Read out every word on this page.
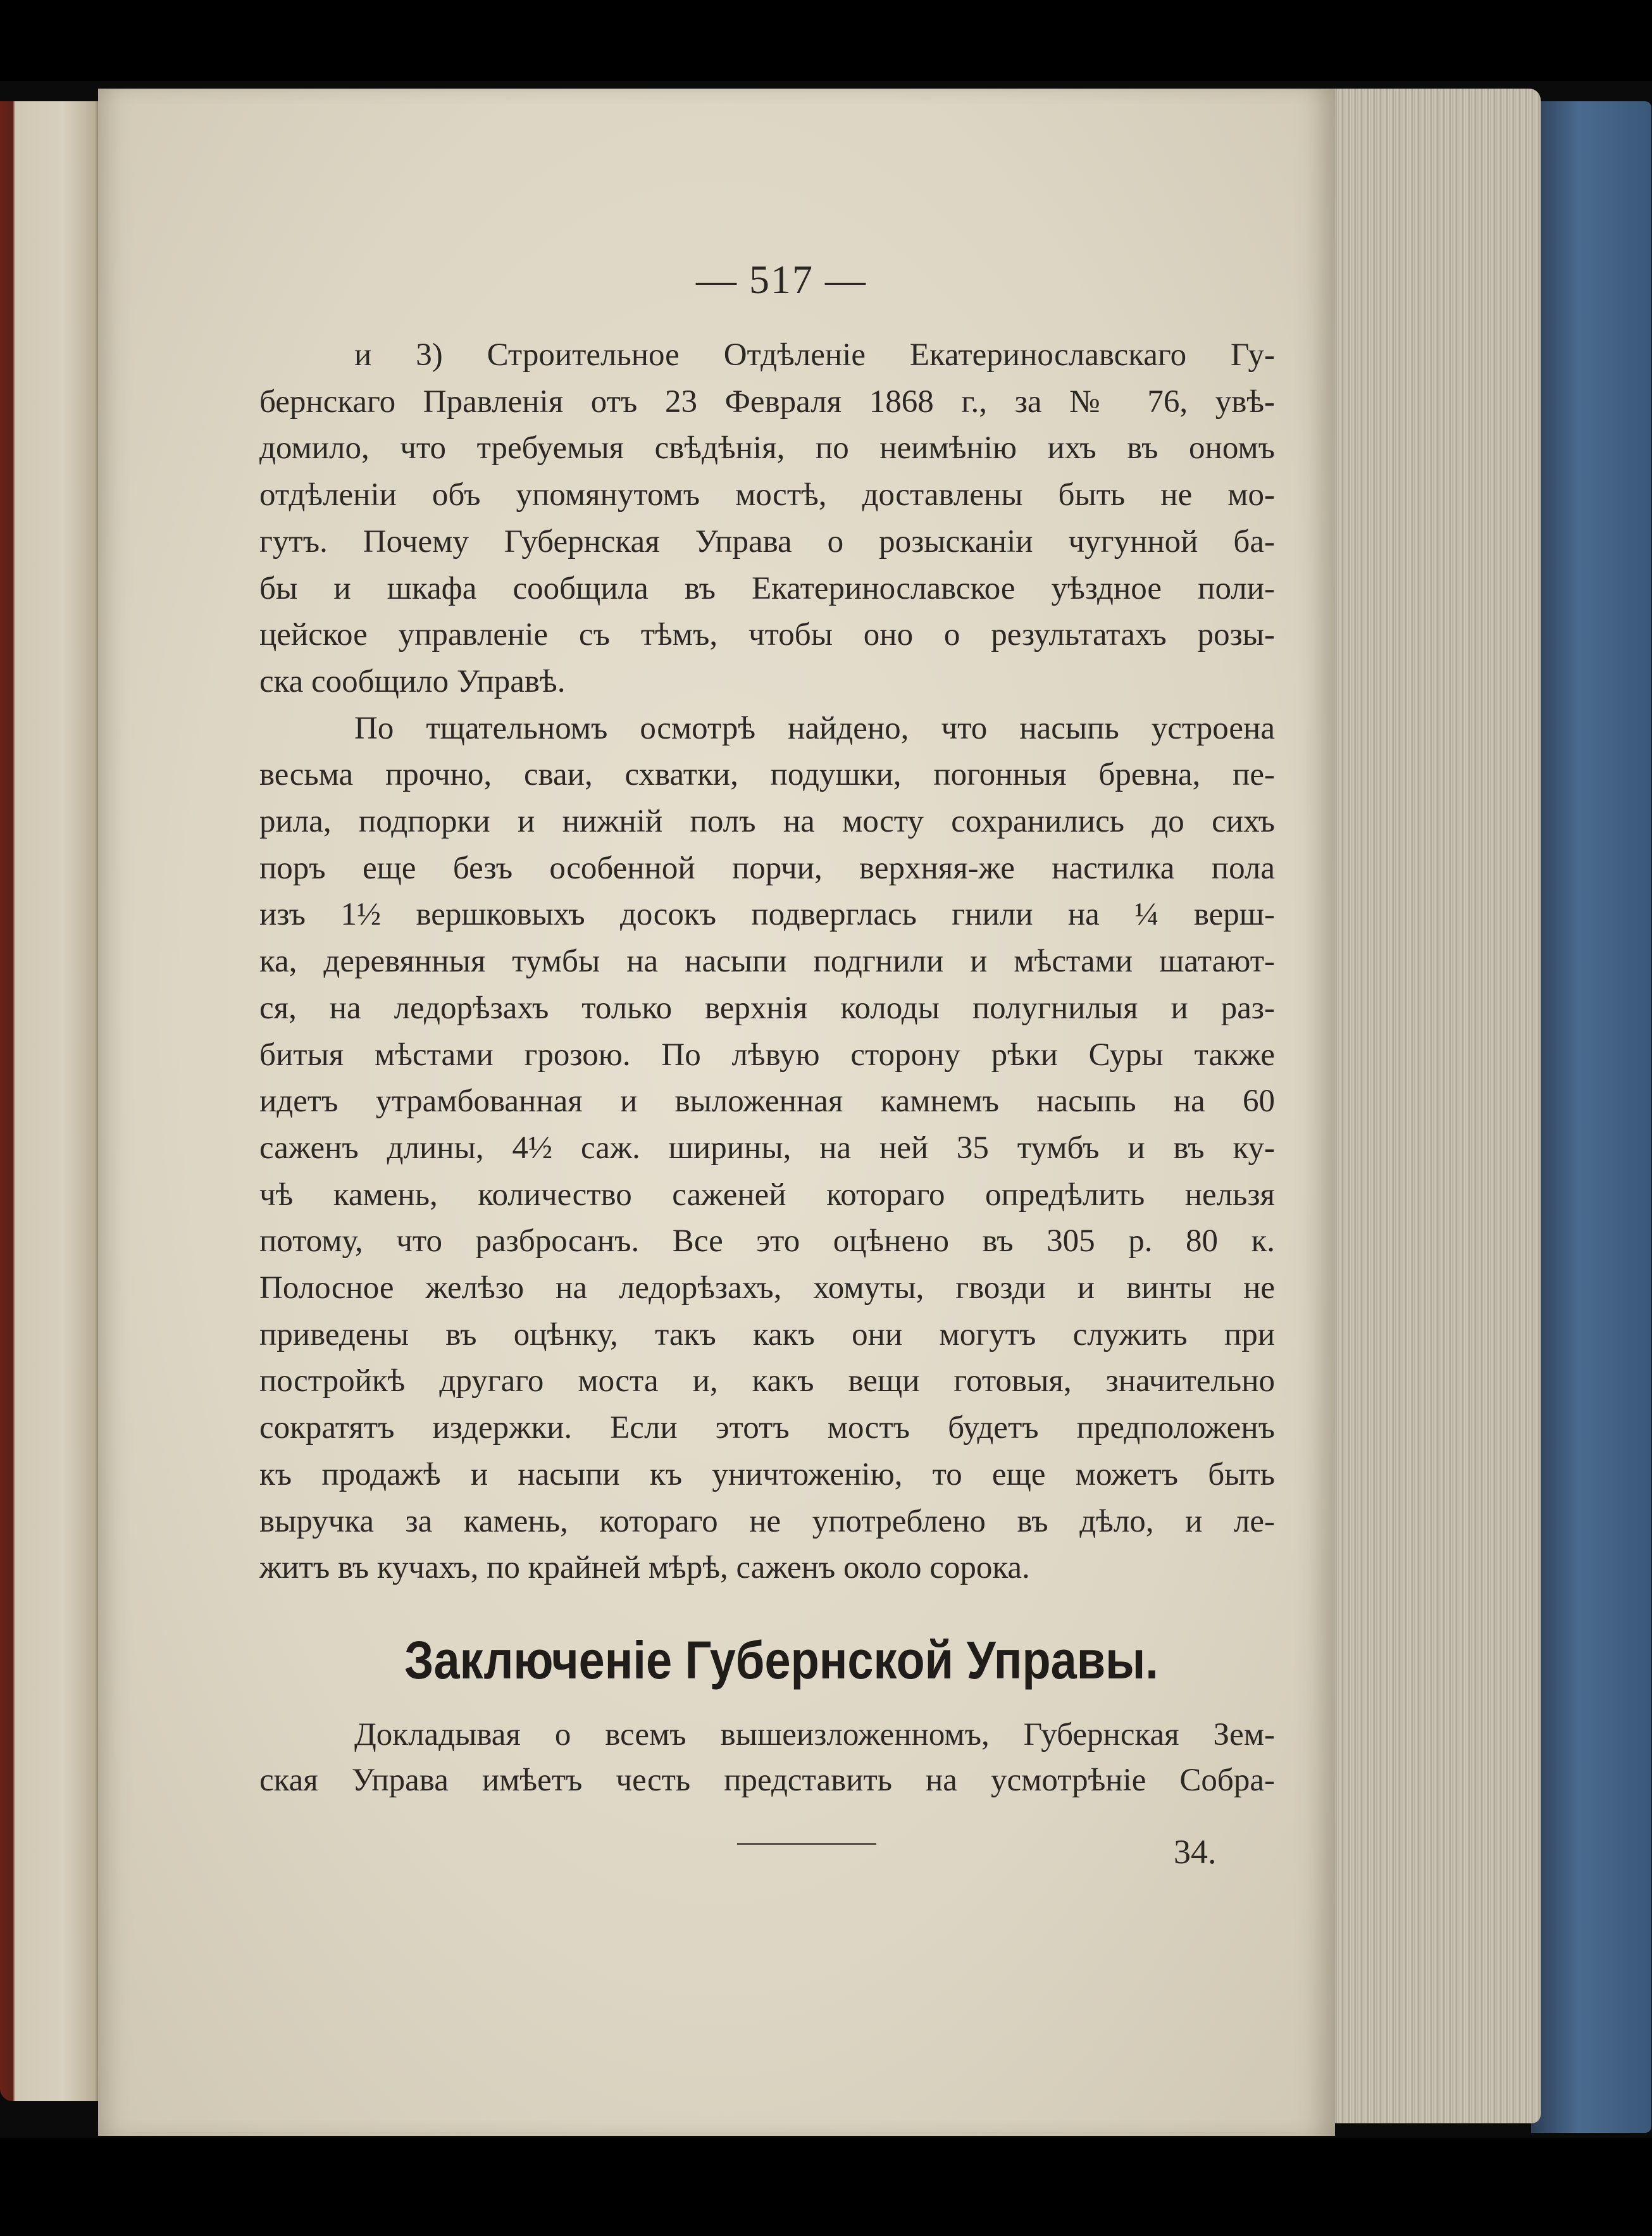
— 517 —
и 3) Строительное Отдѣленіе Екатеринославскаго Гу-
бернскаго Правленія отъ 23 Февраля 1868 г., за № 76, увѣ-
домило, что требуемыя свѣдѣнія, по неимѣнію ихъ въ ономъ
отдѣленіи объ упомянутомъ мостѣ, доставлены быть не мо-
гутъ. Почему Губернская Управа о розысканіи чугунной ба-
бы и шкафа сообщила въ Екатеринославское уѣздное поли-
цейское управленіе съ тѣмъ, чтобы оно о результатахъ розы-
ска сообщило Управѣ.
По тщательномъ осмотрѣ найдено, что насыпь устроена
весьма прочно, сваи, схватки, подушки, погонныя бревна, пе-
рила, подпорки и нижній полъ на мосту сохранились до сихъ
поръ еще безъ особенной порчи, верхняя-же настилка пола
изъ 1½ вершковыхъ досокъ подверглась гнили на ¼ верш-
ка, деревянныя тумбы на насыпи подгнили и мѣстами шатают-
ся, на ледорѣзахъ только верхнія колоды полугнилыя и раз-
битыя мѣстами грозою. По лѣвую сторону рѣки Суры также
идетъ утрамбованная и выложенная камнемъ насыпь на 60
саженъ длины, 4½ саж. ширины, на ней 35 тумбъ и въ ку-
чѣ камень, количество саженей котораго опредѣлить нельзя
потому, что разбросанъ. Все это оцѣнено въ 305 р. 80 к.
Полосное желѣзо на ледорѣзахъ, хомуты, гвозди и винты не
приведены въ оцѣнку, такъ какъ они могутъ служить при
постройкѣ другаго моста и, какъ вещи готовыя, значительно
сократятъ издержки. Если этотъ мостъ будетъ предположенъ
къ продажѣ и насыпи къ уничтоженію, то еще можетъ быть
выручка за камень, котораго не употреблено въ дѣло, и ле-
житъ въ кучахъ, по крайней мѣрѣ, саженъ около сорока.
Заключеніе Губернской Управы.
Докладывая о всемъ вышеизложенномъ, Губернская Зем-
ская Управа имѣетъ честь представить на усмотрѣніе Собра-
34.
